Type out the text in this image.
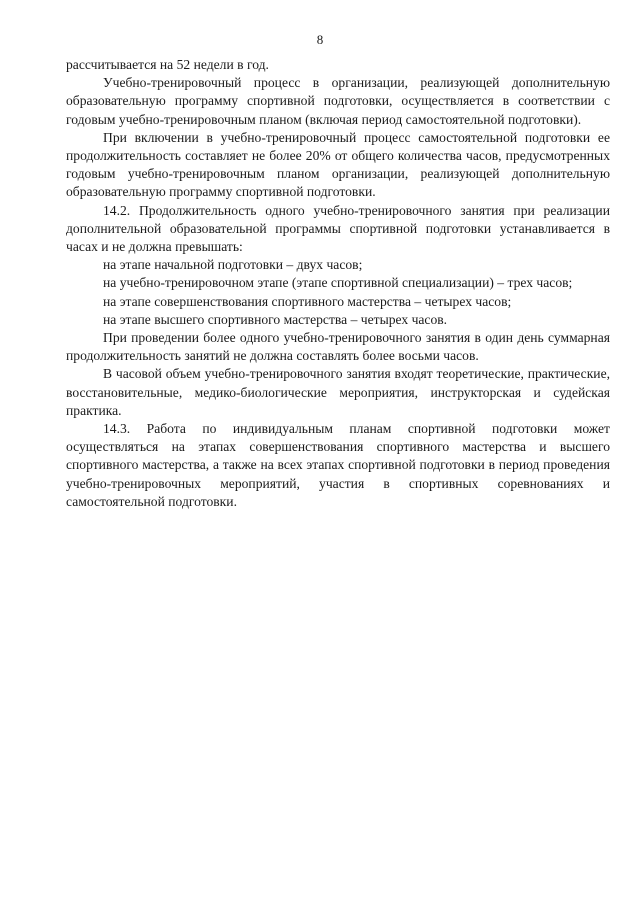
8

рассчитывается на 52 недели в год.

Учебно-тренировочный процесс в организации, реализующей дополнительную образовательную программу спортивной подготовки, осуществляется в соответствии с годовым учебно-тренировочным планом (включая период самостоятельной подготовки).

При включении в учебно-тренировочный процесс самостоятельной подготовки ее продолжительность составляет не более 20% от общего количества часов, предусмотренных годовым учебно-тренировочным планом организации, реализующей дополнительную образовательную программу спортивной подготовки.

14.2. Продолжительность одного учебно-тренировочного занятия при реализации дополнительной образовательной программы спортивной подготовки устанавливается в часах и не должна превышать:

на этапе начальной подготовки – двух часов;

на учебно-тренировочном этапе (этапе спортивной специализации) – трех часов;

на этапе совершенствования спортивного мастерства – четырех часов;

на этапе высшего спортивного мастерства – четырех часов.

При проведении более одного учебно-тренировочного занятия в один день суммарная продолжительность занятий не должна составлять более восьми часов.

В часовой объем учебно-тренировочного занятия входят теоретические, практические, восстановительные, медико-биологические мероприятия, инструкторская и судейская практика.

14.3. Работа по индивидуальным планам спортивной подготовки может осуществляться на этапах совершенствования спортивного мастерства и высшего спортивного мастерства, а также на всех этапах спортивной подготовки в период проведения учебно-тренировочных мероприятий, участия в спортивных соревнованиях и самостоятельной подготовки.
